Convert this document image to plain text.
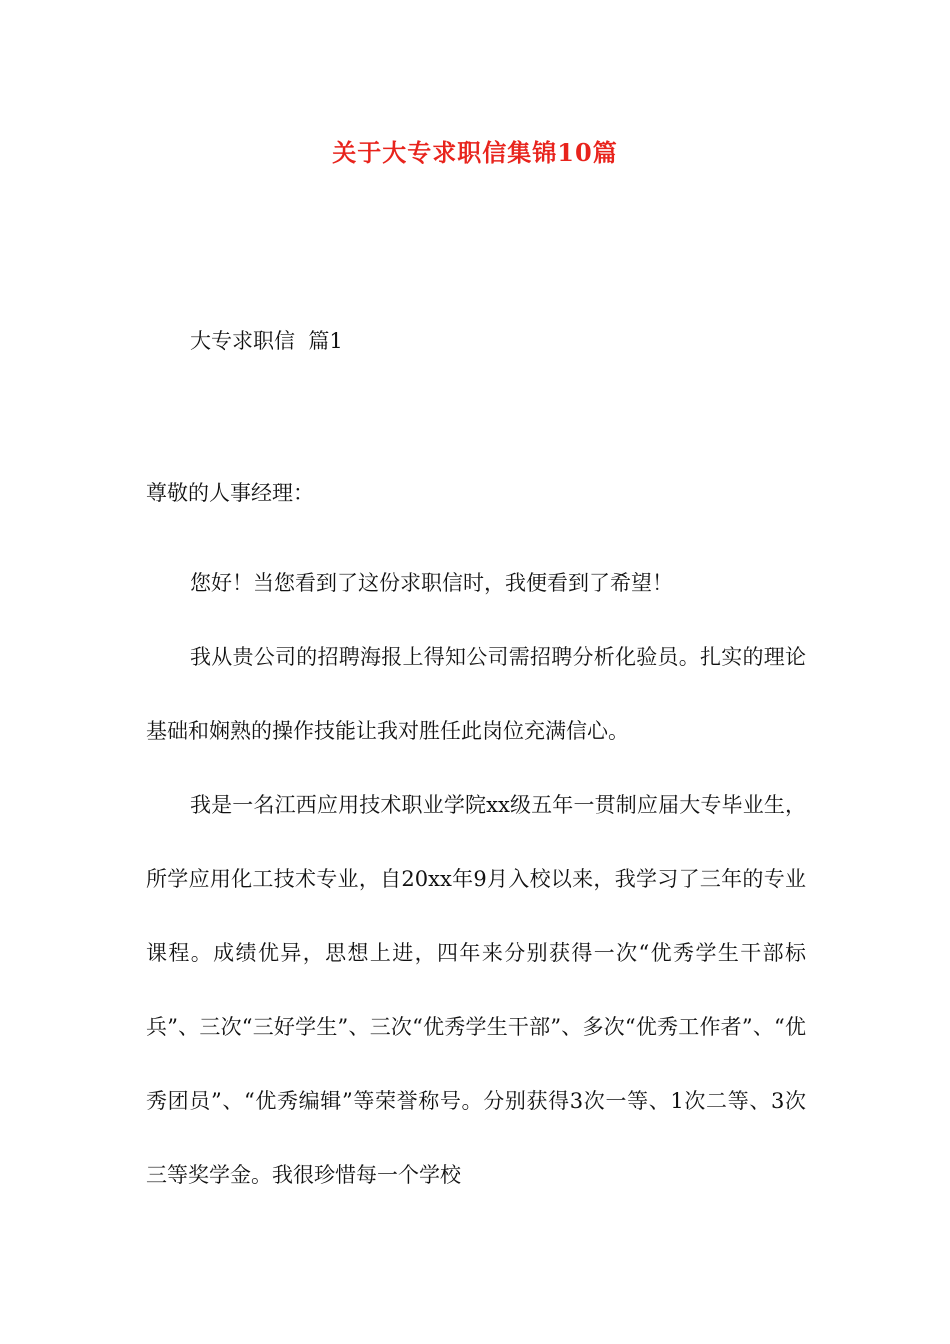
关于大专求职信集锦10篇
大专求职信  篇1
尊敬的人事经理：

您好！当您看到了这份求职信时，我便看到了希望！

我从贵公司的招聘海报上得知公司需招聘分析化验员。扎实的理论基础和娴熟的操作技能让我对胜任此岗位充满信心。

我是一名江西应用技术职业学院xx级五年一贯制应届大专毕业生，所学应用化工技术专业，自20xx年9月入校以来，我学习了三年的专业课程。成绩优异，思想上进，四年来分别获得一次“优秀学生干部标兵”、三次“三好学生”、三次“优秀学生干部”、多次“优秀工作者”、“优秀团员”、“优秀编辑”等荣誉称号。分别获得3次一等、1次二等、3次三等奖学金。我很珍惜每一个学校
